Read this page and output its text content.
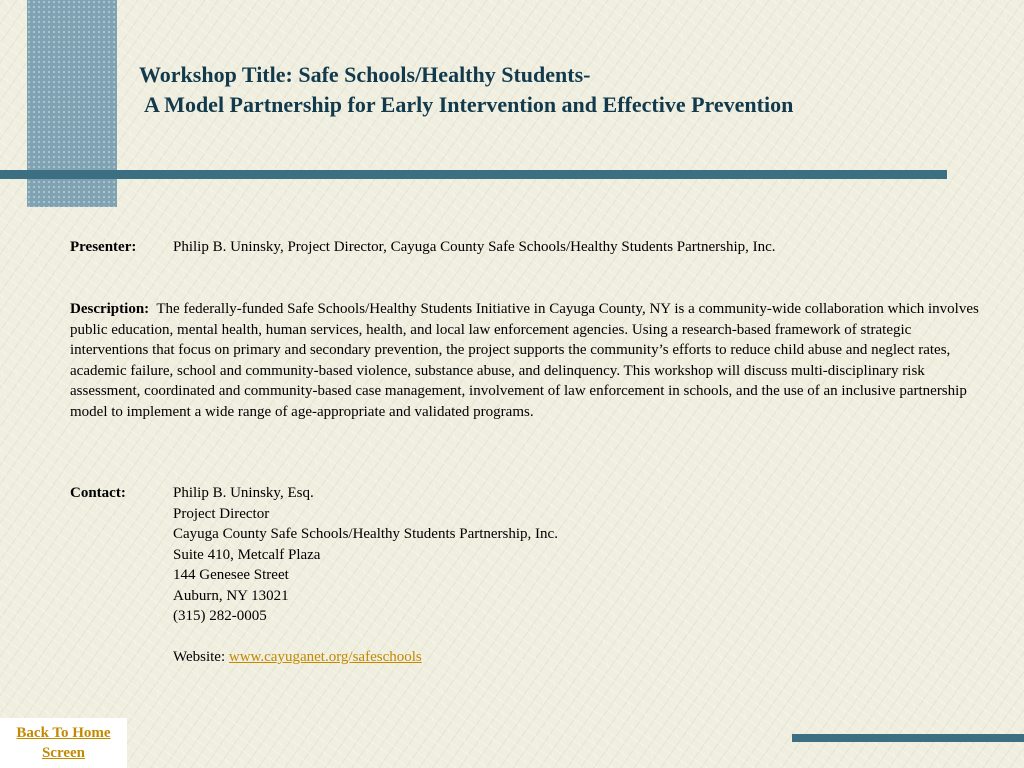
Workshop Title: Safe Schools/Healthy Students-
A Model Partnership for Early Intervention and Effective Prevention
Presenter: Philip B. Uninsky, Project Director, Cayuga County Safe Schools/Healthy Students Partnership, Inc.
Description: The federally-funded Safe Schools/Healthy Students Initiative in Cayuga County, NY is a community-wide collaboration which involves public education, mental health, human services, health, and local law enforcement agencies. Using a research-based framework of strategic interventions that focus on primary and secondary prevention, the project supports the community’s efforts to reduce child abuse and neglect rates, academic failure, school and community-based violence, substance abuse, and delinquency. This workshop will discuss multi-disciplinary risk assessment, coordinated and community-based case management, involvement of law enforcement in schools, and the use of an inclusive partnership model to implement a wide range of age-appropriate and validated programs.
Contact:	Philip B. Uninsky, Esq.
Project Director
Cayuga County Safe Schools/Healthy Students Partnership, Inc.
Suite 410, Metcalf Plaza
144 Genesee Street
Auburn, NY 13021
(315) 282-0005
Website: www.cayuganet.org/safeschools
Back To Home
Screen
